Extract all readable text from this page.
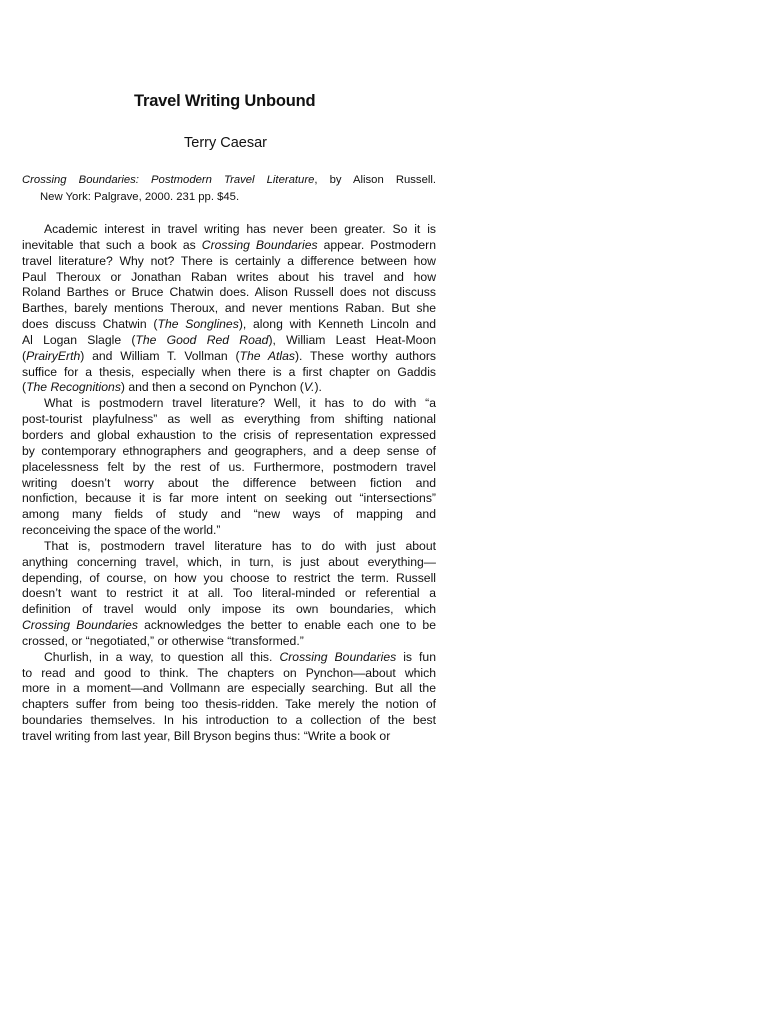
Travel Writing Unbound
Terry Caesar

Crossing Boundaries: Postmodern Travel Literature, by Alison Russell.
New York: Palgrave, 2000. 231 pp. $45.

Academic interest in travel writing has never been greater. So it is
inevitable that such a book as Crossing Boundaries appear. Postmodern
travel literature? Why not? There is certainly a difference between how
Paul Theroux or Jonathan Raban writes about his travel and how
Roland Barthes or Bruce Chatwin does. Alison Russell does not discuss
Barthes, barely mentions Theroux, and never mentions Raban. But she
does discuss Chatwin (The Songlines), along with Kenneth Lincoln and
Al Logan Slagle (The Good Red Road), William Least Heat-Moon
(PrairyErth) and William T. Vollman (The Atlas). These worthy authors
suffice for a thesis, especially when there is a first chapter on Gaddis
(The Recognitions) and then a second on Pynchon (V.).

What is postmodern travel literature? Well, it has to do with “a
post-tourist playfulness” as well as everything from shifting national
borders and global exhaustion to the crisis of representation expressed
by contemporary ethnographers and geographers, and a deep sense of
placelessness felt by the rest of us. Furthermore, postmodern travel
writing doesn’t worry about the difference between fiction and
nonfiction, because it is far more intent on seeking out “intersections”
among many fields of study and “new ways of mapping and
reconceiving the space of the world.”

That is, postmodern travel literature has to do with just about
anything concerning travel, which, in turn, is just about everything—
depending, of course, on how you choose to restrict the term. Russell
doesn’t want to restrict it at all. Too literal-minded or referential a
definition of travel would only impose its own boundaries, which
Crossing Boundaries acknowledges the better to enable each one to be
crossed, or “negotiated,” or otherwise “transformed.”

Churlish, in a way, to question all this. Crossing Boundaries is fun
to read and good to think. The chapters on Pynchon—about which
more in a moment—and Vollmann are especially searching. But all the
chapters suffer from being too thesis-ridden. Take merely the notion of
boundaries themselves. In his introduction to a collection of the best
travel writing from last year, Bill Bryson begins thus: “Write a book or
